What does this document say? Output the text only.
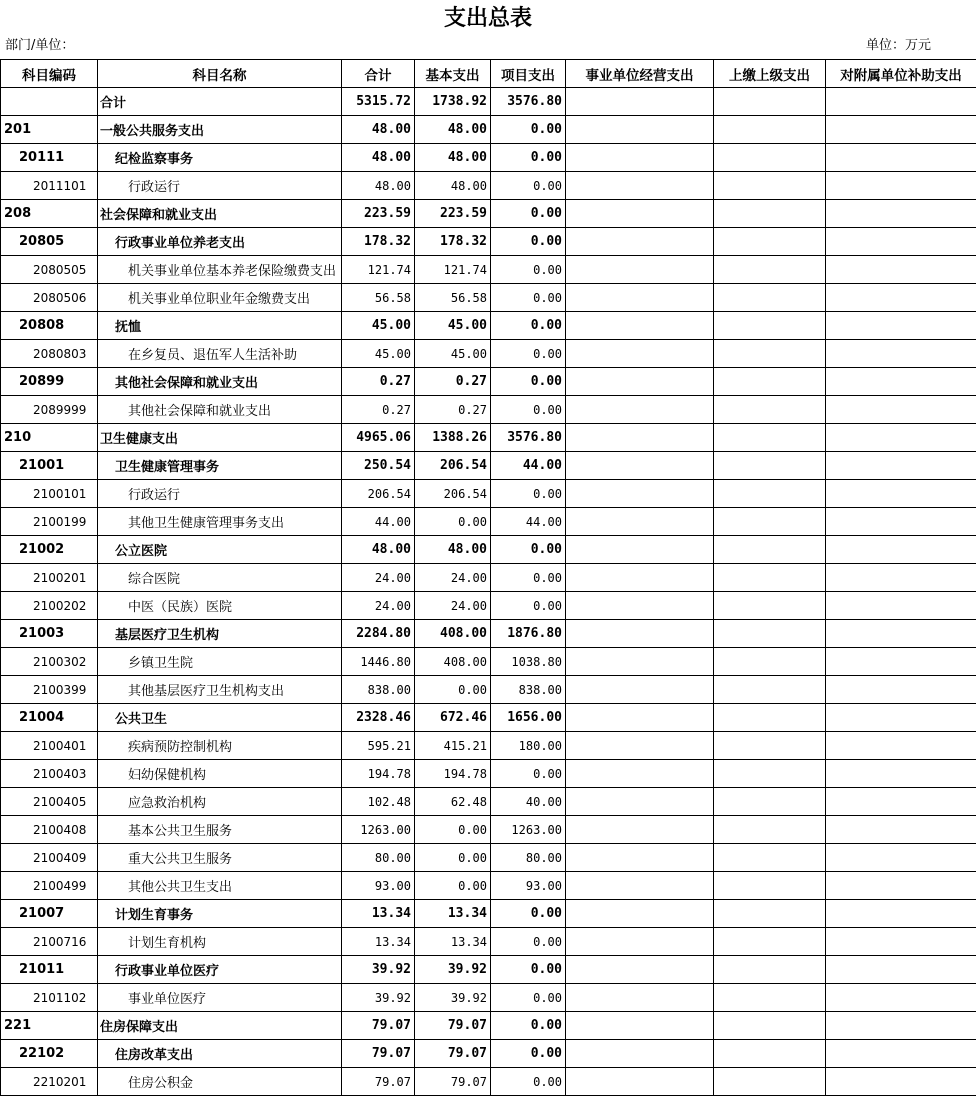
支出总表
部门/单位：	单位：万元
科目编码	科目名称	合计	基本支出	项目支出	事业单位经营支出	上缴上级支出	对附属单位补助支出
	合计	5315.72	1738.92	3576.80			
201	一般公共服务支出	48.00	48.00	0.00			
20111	纪检监察事务	48.00	48.00	0.00			
2011101	行政运行	48.00	48.00	0.00			
208	社会保障和就业支出	223.59	223.59	0.00			
20805	行政事业单位养老支出	178.32	178.32	0.00			
2080505	机关事业单位基本养老保险缴费支出	121.74	121.74	0.00			
2080506	机关事业单位职业年金缴费支出	56.58	56.58	0.00			
20808	抚恤	45.00	45.00	0.00			
2080803	在乡复员、退伍军人生活补助	45.00	45.00	0.00			
20899	其他社会保障和就业支出	0.27	0.27	0.00			
2089999	其他社会保障和就业支出	0.27	0.27	0.00			
210	卫生健康支出	4965.06	1388.26	3576.80			
21001	卫生健康管理事务	250.54	206.54	44.00			
2100101	行政运行	206.54	206.54	0.00			
2100199	其他卫生健康管理事务支出	44.00	0.00	44.00			
21002	公立医院	48.00	48.00	0.00			
2100201	综合医院	24.00	24.00	0.00			
2100202	中医（民族）医院	24.00	24.00	0.00			
21003	基层医疗卫生机构	2284.80	408.00	1876.80			
2100302	乡镇卫生院	1446.80	408.00	1038.80			
2100399	其他基层医疗卫生机构支出	838.00	0.00	838.00			
21004	公共卫生	2328.46	672.46	1656.00			
2100401	疾病预防控制机构	595.21	415.21	180.00			
2100403	妇幼保健机构	194.78	194.78	0.00			
2100405	应急救治机构	102.48	62.48	40.00			
2100408	基本公共卫生服务	1263.00	0.00	1263.00			
2100409	重大公共卫生服务	80.00	0.00	80.00			
2100499	其他公共卫生支出	93.00	0.00	93.00			
21007	计划生育事务	13.34	13.34	0.00			
2100716	计划生育机构	13.34	13.34	0.00			
21011	行政事业单位医疗	39.92	39.92	0.00			
2101102	事业单位医疗	39.92	39.92	0.00			
221	住房保障支出	79.07	79.07	0.00			
22102	住房改革支出	79.07	79.07	0.00			
2210201	住房公积金	79.07	79.07	0.00			
